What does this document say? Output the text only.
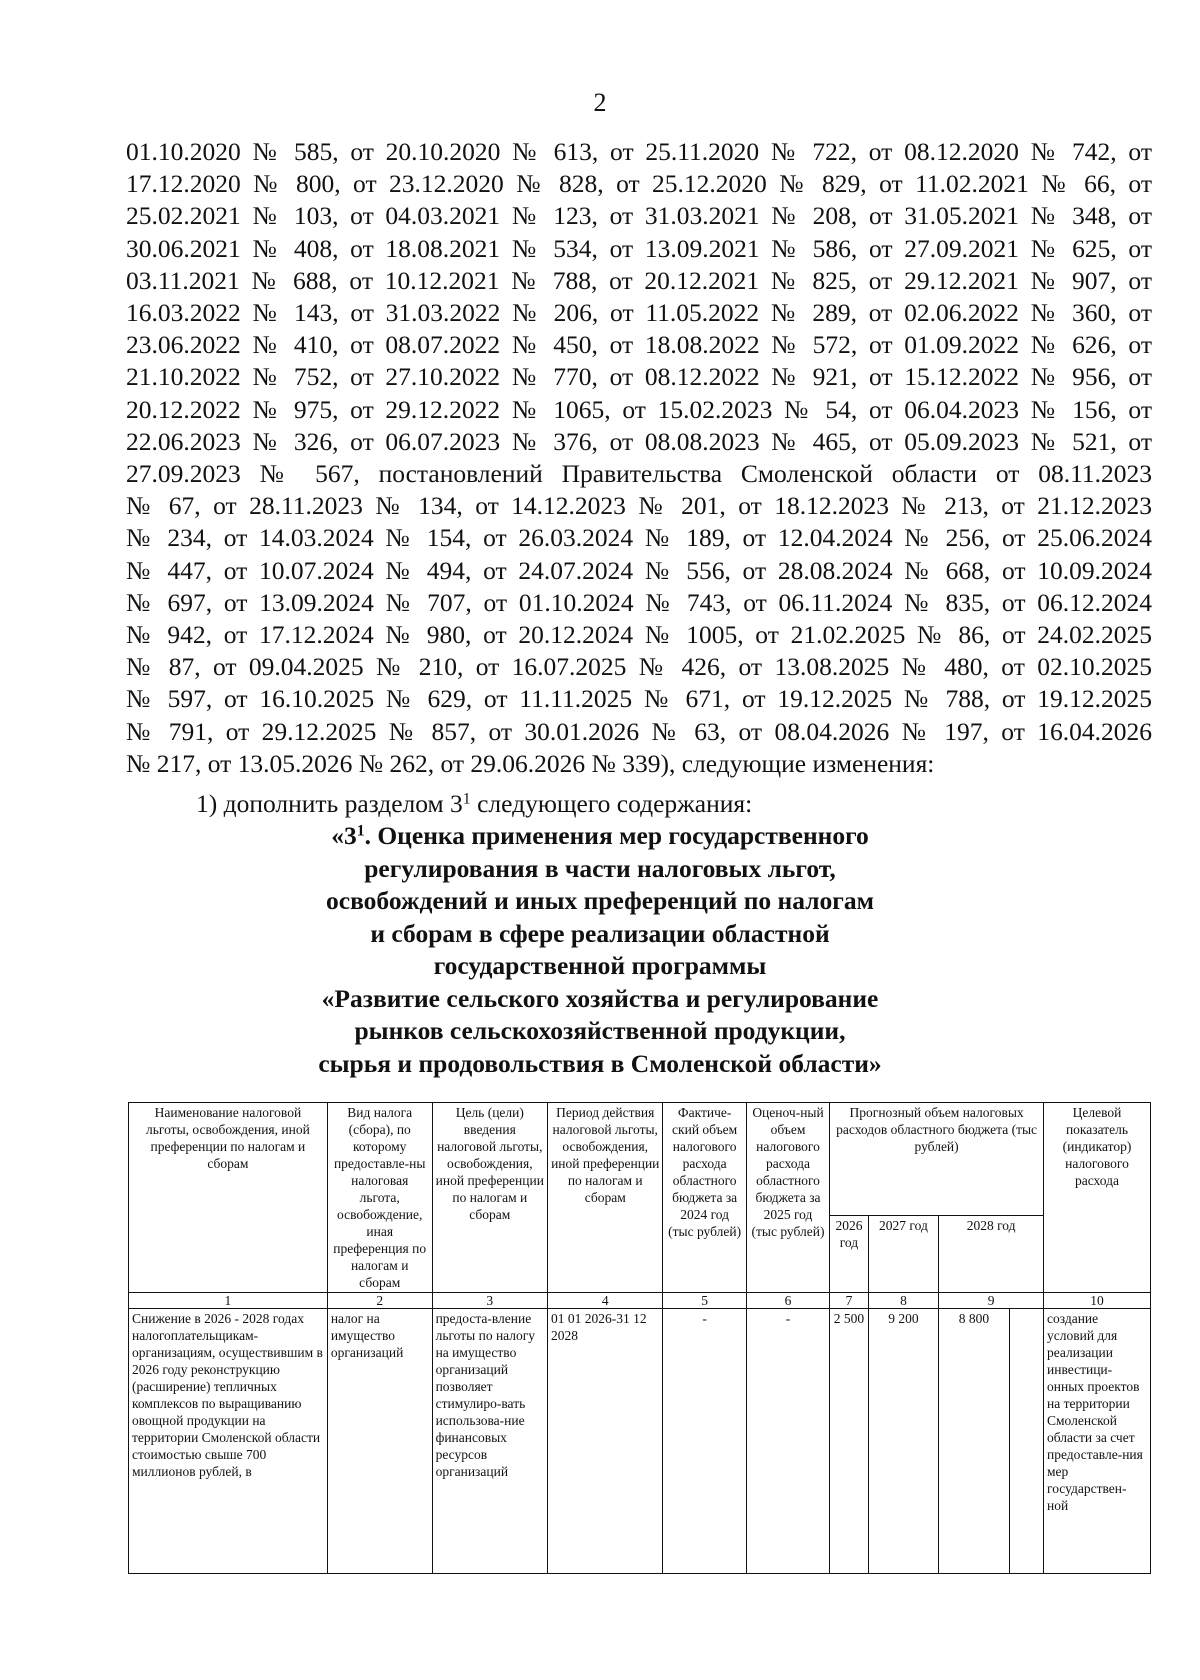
2
01.10.2020 № 585, от 20.10.2020 № 613, от 25.11.2020 № 722, от 08.12.2020 № 742, от
17.12.2020 № 800, от 23.12.2020 № 828, от 25.12.2020 № 829, от 11.02.2021 № 66, от
25.02.2021 № 103, от 04.03.2021 № 123, от 31.03.2021 № 208, от 31.05.2021 № 348, от
30.06.2021 № 408, от 18.08.2021 № 534, от 13.09.2021 № 586, от 27.09.2021 № 625, от
03.11.2021 № 688, от 10.12.2021 № 788, от 20.12.2021 № 825, от 29.12.2021 № 907, от
16.03.2022 № 143, от 31.03.2022 № 206, от 11.05.2022 № 289, от 02.06.2022 № 360, от
23.06.2022 № 410, от 08.07.2022 № 450, от 18.08.2022 № 572, от 01.09.2022 № 626, от
21.10.2022 № 752, от 27.10.2022 № 770, от 08.12.2022 № 921, от 15.12.2022 № 956, от
20.12.2022 № 975, от 29.12.2022 № 1065, от 15.02.2023 № 54, от 06.04.2023 № 156, от
22.06.2023 № 326, от 06.07.2023 № 376, от 08.08.2023 № 465, от 05.09.2023 № 521, от
27.09.2023 № 567, постановлений Правительства Смоленской области от 08.11.2023
№ 67, от 28.11.2023 № 134, от 14.12.2023 № 201, от 18.12.2023 № 213, от 21.12.2023
№ 234, от 14.03.2024 № 154, от 26.03.2024 № 189, от 12.04.2024 № 256, от 25.06.2024
№ 447, от 10.07.2024 № 494, от 24.07.2024 № 556, от 28.08.2024 № 668, от 10.09.2024
№ 697, от 13.09.2024 № 707, от 01.10.2024 № 743, от 06.11.2024 № 835, от 06.12.2024
№ 942, от 17.12.2024 № 980, от 20.12.2024 № 1005, от 21.02.2025 № 86, от 24.02.2025
№ 87, от 09.04.2025 № 210, от 16.07.2025 № 426, от 13.08.2025 № 480, от 02.10.2025
№ 597, от 16.10.2025 № 629, от 11.11.2025 № 671, от 19.12.2025 № 788, от 19.12.2025
№ 791, от 29.12.2025 № 857, от 30.01.2026 № 63, от 08.04.2026 № 197, от 16.04.2026
№ 217, от 13.05.2026 № 262, от 29.06.2026 № 339), следующие изменения:
1) дополнить разделом $3^1$ следующего содержания:
«$3^1$. Оценка применения мер государственного
регулирования в части налоговых льгот,
освобождений и иных преференций по налогам
и сборам в сфере реализации областной
государственной программы
«Развитие сельского хозяйства и регулирование
рынков сельскохозяйственной продукции,
сырья и продовольствия в Смоленской области»
Наименование налоговой льготы, освобождения, иной преференции по налогам и сборам	Вид налога (сбора), по которому предоставле-ны налоговая льгота, освобождение, иная преференция по налогам и сборам	Цель (цели) введения налоговой льготы, освобождения, иной преференции по налогам и сборам	Период действия налоговой льготы, освобождения, иной преференции по налогам и сборам	Фактиче-ский объем налогового расхода областного бюджета за 2024 год (тыс рублей)	Оценоч-ный объем налогового расхода областного бюджета за 2025 год (тыс рублей)	Прогнозный объем налоговых расходов областного бюджета (тыс рублей)				Целевой показатель (индикатор) налогового расхода
						2026 год	2027 год	2028 год		
1	2	3	4	5	6	7	8	9		10
Снижение в 2026 - 2028 годах налогоплательщикам-организациям, осуществившим в 2026 году реконструкцию (расширение) тепличных комплексов по выращиванию овощной продукции на территории Смоленской области стоимостью свыше 700 миллионов рублей, в	налог на имущество организаций	предоста-вление льготы по налогу на имущество организаций позволяет стимулиро-вать использова-ние финансовых ресурсов организаций	01 01 2026-31 12 2028	-	-	2 500	9 200	8 800		создание условий для реализации инвестици-онных проектов на территории Смоленской области за счет предоставле-ния мер государствен-ной
